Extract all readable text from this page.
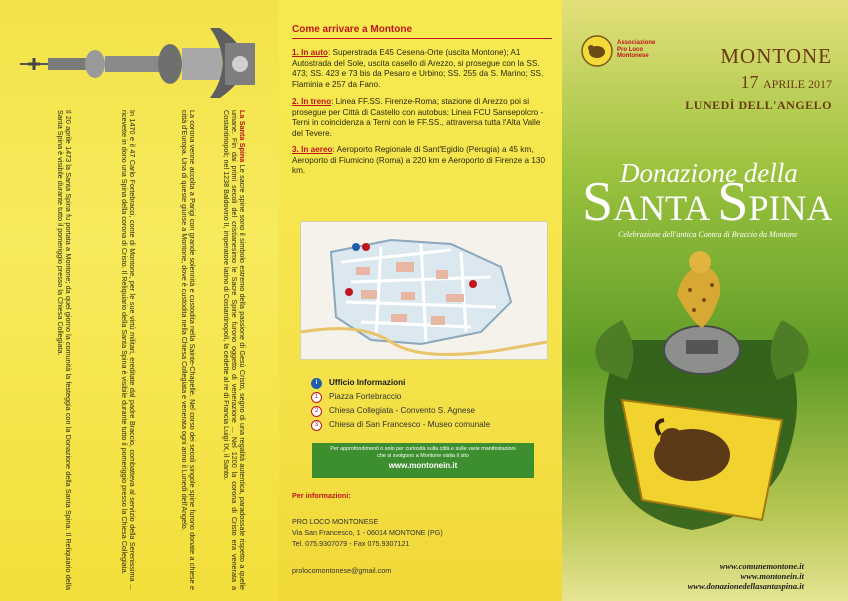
La Santa Spina Le sacre spine sono il simbolo estremo della passione di Gesù Cristo, segno di una regalità autentica, paradossale rispetto a quelle umane. Fin dai primi secoli del cristianesimo le Sacre Spine furono oggetto di venerazione ... Nel 1200 la corona di Cristo era venerata a Costantinopoli; nel 1238 Baldovino II, imperatore latino di Costantinopoli, la cedette al re di Francia Luigi IX, il Santo.
La corona venne accolta a Parigi con grande solennità e custodita nella Sainte-Chapelle. Nel corso dei secoli singole spine furono donate a chiese e città d'Europa. Una di queste giunse a Montone, dove è custodita nella Chiesa Collegiata e venerata ogni anno il Lunedì dell'Angelo.
In 1470 e il 47 Carlo Fortebracci, conte di Montone, per le sue virtù militari, ereditate dal padre Braccio, combatteva al servizio della Serenissima ... ricevette in dono una Spina della corona di Cristo. Il Reliquiario della Santa Spina è visibile durante tutto il pomeriggio presso la Chiesa Collegiata.
Il 20 aprile 1473 la Santa Spina fu portata a Montone; da quel giorno la comunità la festeggia con la Donazione della Santa Spina. Il Reliquiario della Santa Spina è visibile durante tutto il pomeriggio presso la Chiesa Collegiata.
Come arrivare a Montone
1. In auto: Superstrada E45 Cesena-Orte (uscita Montone); A1 Autostrada del Sole, uscita casello di Arezzo, si prosegue con la SS. 473; SS. 423 e 73 bis da Pesaro e Urbino; SS. 255 da S. Marino; SS. Flaminia e 257 da Fano.
2. In treno: Linea FF.SS. Firenze-Roma; stazione di Arezzo poi si prosegue per Città di Castello con autobus; Linea FCU Sansepolcro - Terni in coincidenza a Terni con le FF.SS., attraversa tutta l'Alta Valle del Tevere.
3. In aereo: Aeroporto Regionale di Sant'Egidio (Perugia) a 45 km, Aeroporto di Fiumicino (Roma) a 220 km e Aeroporto di Firenze a 130 km.
i	Ufficio Informazioni
1	Piazza Fortebraccio
2	Chiesa Collegiata - Convento S. Agnese
3	Chiesa di San Francesco - Museo comunale
Per approfondimenti o solo per curiosità sulla città e sulle varie manifestazioni
che si svolgono a Montone visita il sito
www.montonein.it
Per informazioni:
PRO LOCO MONTONESE
Via San Francesco, 1 - 06014 MONTONE (PG)
Tel. 075.9307079 - Fax 075.9307121
prolocomontonese@gmail.com
Associazione
Pro Loco
Montonese	MONTONE
17 APRILE 2017
LUNEDÌ DELL'ANGELO
Donazione della
SANTA SPINA
Celebrazione dell'antica Contea di Braccio da Montone
www.comunemontone.it
www.montonein.it
www.donazionedellasantaspina.it
